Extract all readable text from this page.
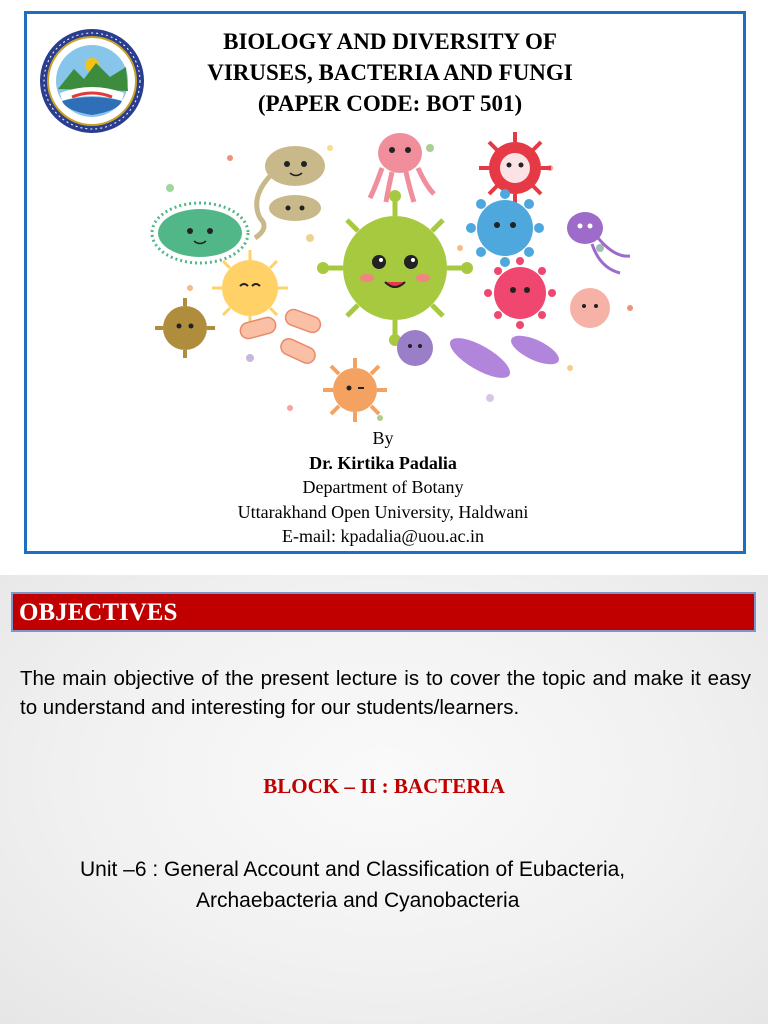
BIOLOGY AND DIVERSITY OF
VIRUSES, BACTERIA AND FUNGI
(PAPER CODE: BOT 501)
By
Dr. Kirtika Padalia
Department of Botany
Uttarakhand Open University, Haldwani
E-mail: kpadalia@uou.ac.in
OBJECTIVES
The main objective of the present lecture is to cover the topic and make it easy to understand and interesting for our students/learners.
BLOCK – II : BACTERIA
Unit –6 : General Account and Classification of Eubacteria,
Archaebacteria and Cyanobacteria
